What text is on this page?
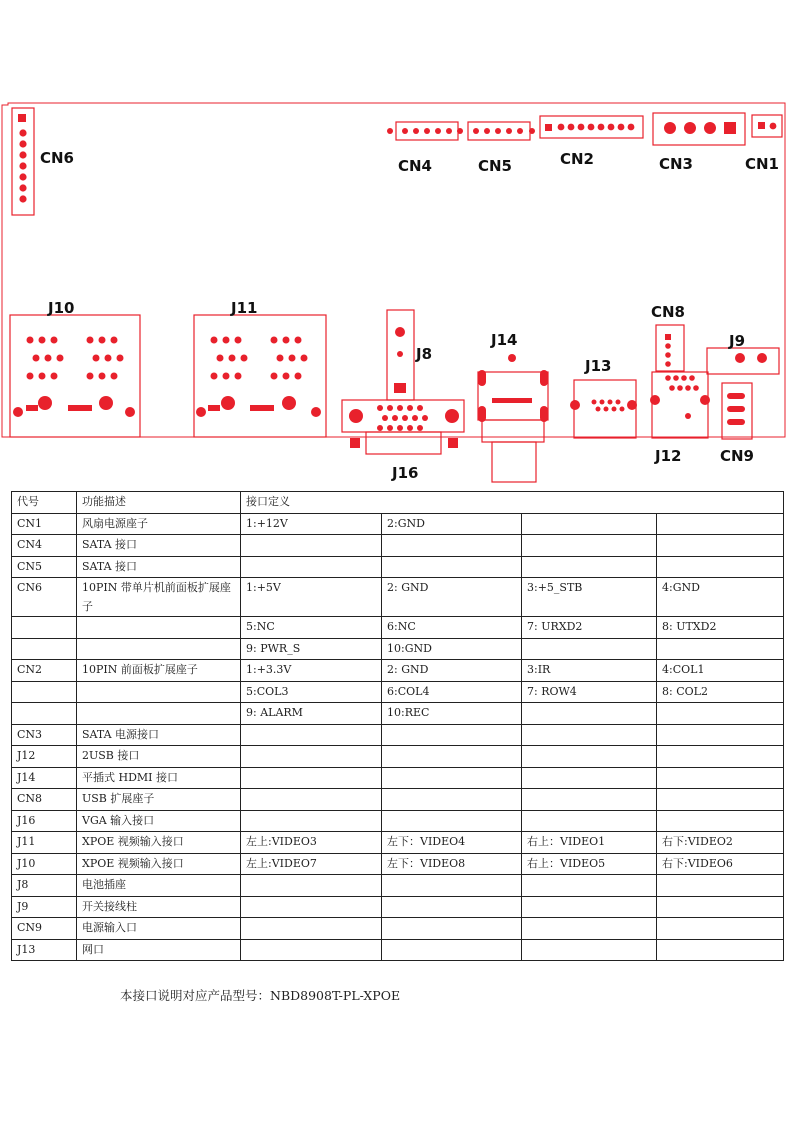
CN6	CN4	CN5	CN2	CN3	CN1
J10	J11
J8
J14
CN8
J9
J13
J16
J12	CN9
代号	功能描述	接口定义			
CN1	风扇电源座子	1:+12V	2:GND		
CN4	SATA 接口				
CN5	SATA 接口				
CN6	10PIN 带单片机前面板扩展座子	1:+5V	2: GND	3:+5_STB	4:GND
		5:NC	6:NC	7: URXD2	8: UTXD2
		9: PWR_S	10:GND		
CN2	10PIN 前面板扩展座子	1:+3.3V	2: GND	3:IR	4:COL1
		5:COL3	6:COL4	7: ROW4	8: COL2
		9: ALARM	10:REC		
CN3	SATA 电源接口				
J12	2USB 接口				
J14	平插式 HDMI 接口				
CN8	USB 扩展座子				
J16	VGA 输入接口				
J11	XPOE 视频输入接口	左上:VIDEO3	左下：VIDEO4	右上：VIDEO1	右下:VIDEO2
J10	XPOE 视频输入接口	左上:VIDEO7	左下：VIDEO8	右上：VIDEO5	右下:VIDEO6
J8	电池插座				
J9	开关接线柱				
CN9	电源输入口				
J13	网口				
本接口说明对应产品型号：NBD8908T-PL-XPOE
